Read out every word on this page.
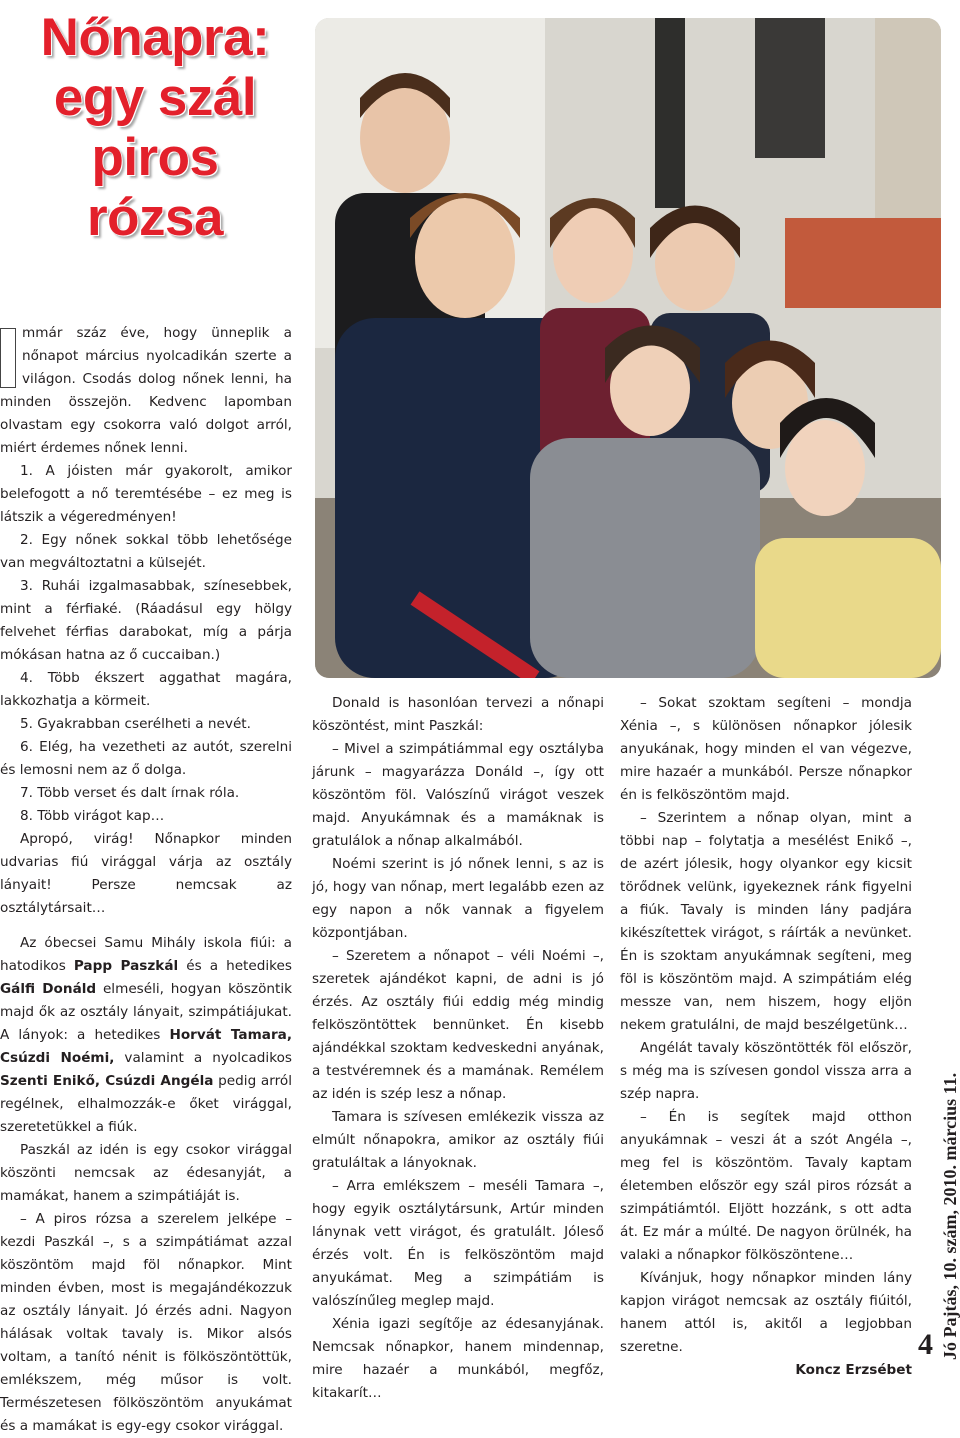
Nőnapra:
egy szál
piros
rózsa

mmár száz éve, hogy ünneplik a nőnapot március nyolcadikán szerte a világon. Csodás dolog nőnek lenni, ha minden összejön. Kedvenc lapomban olvastam egy csokorra való dolgot arról, miért érdemes nőnek lenni.

1. A jóisten már gyakorolt, amikor belefogott a nő teremtésébe – ez meg is látszik a végeredményen!

2. Egy nőnek sokkal több lehetősége van megváltoztatni a külsejét.

3. Ruhái izgalmasabbak, színesebbek, mint a férfiaké. (Ráadásul egy hölgy felvehet férfias darabokat, míg a párja mókásan hatna az ő cuccaiban.)

4. Több ékszert aggathat magára, lakkozhatja a körmeit.

5. Gyakrabban cserélheti a nevét.

6. Elég, ha vezetheti az autót, szerelni és lemosni nem az ő dolga.

7. Több verset és dalt írnak róla.

8. Több virágot kap…

Apropó, virág! Nőnapkor minden udvarias fiú virággal várja az osztály lányait! Persze nemcsak az osztálytársait…

Az óbecsei Samu Mihály iskola fiúi: a hatodikos Papp Paszkál és a hetedikes Gálfi Donáld elmeséli, hogyan köszöntik majd ők az osztály lányait, szimpátiájukat. A lányok: a hetedikes Horvát Tamara, Csúzdi Noémi, valamint a nyolcadikos Szenti Enikő, Csúzdi Angéla pedig arról regélnek, elhalmozzák-e őket virággal, szeretetükkel a fiúk.

Paszkál az idén is egy csokor virággal köszönti nemcsak az édesanyját, a mamákat, hanem a szimpátiáját is.

– A piros rózsa a szerelem jelképe – kezdi Paszkál –, s a szimpátiámat azzal köszöntöm majd föl nőnapkor. Mint minden évben, most is megajándékozzuk az osztály lányait. Jó érzés adni. Nagyon hálásak voltak tavaly is. Mikor alsós voltam, a tanító nénit is fölköszöntöttük, emlékszem, még műsor is volt. Természetesen fölköszöntöm anyukámat és a mamákat is egy-egy csokor virággal.

Donald is hasonlóan tervezi a nőnapi köszöntést, mint Paszkál:

– Mivel a szimpátiámmal egy osztályba járunk – magyarázza Donáld –, így ott köszöntöm föl. Valószínű virágot veszek majd. Anyukámnak és a mamáknak is gratulálok a nőnap alkalmából.

Noémi szerint is jó nőnek lenni, s az is jó, hogy van nőnap, mert legalább ezen az egy napon a nők vannak a figyelem központjában.

– Szeretem a nőnapot – véli Noémi –, szeretek ajándékot kapni, de adni is jó érzés. Az osztály fiúi eddig még mindig felköszöntöttek bennünket. Én kisebb ajándékkal szoktam kedveskedni anyának, a testvéremnek és a mamának. Remélem az idén is szép lesz a nőnap.

Tamara is szívesen emlékezik vissza az elmúlt nőnapokra, amikor az osztály fiúi gratuláltak a lányoknak.

– Arra emlékszem – meséli Tamara –, hogy egyik osztálytársunk, Artúr minden lánynak vett virágot, és gratulált. Jóleső érzés volt. Én is felköszöntöm majd anyukámat. Meg a szimpátiám is valószínűleg meglep majd.

Xénia igazi segítője az édesanyjának. Nemcsak nőnapkor, hanem mindennap, mire hazaér a munkából, megfőz, kitakarít…

– Sokat szoktam segíteni – mondja Xénia –, s különösen nőnapkor jólesik anyukának, hogy minden el van végezve, mire hazaér a munkából. Persze nőnapkor én is felköszöntöm majd.

– Szerintem a nőnap olyan, mint a többi nap – folytatja a mesélést Enikő –, de azért jólesik, hogy olyankor egy kicsit törődnek velünk, igyekeznek ránk figyelni a fiúk. Tavaly is minden lány padjára kikészítettek virágot, s ráírták a nevünket. Én is szoktam anyukámnak segíteni, meg föl is köszöntöm majd. A szimpátiám elég messze van, nem hiszem, hogy eljön nekem gratulálni, de majd beszélgetünk…

Angélát tavaly köszöntötték föl először, s még ma is szívesen gondol vissza arra a szép napra.

– Én is segítek majd otthon anyukámnak – veszi át a szót Angéla –, meg fel is köszöntöm. Tavaly kaptam életemben először egy szál piros rózsát a szimpátiámtól. Eljött hozzánk, s ott adta át. Ez már a múlté. De nagyon örülnék, ha valaki a nőnapkor fölköszöntene…

Kívánjuk, hogy nőnapkor minden lány kapjon virágot nemcsak az osztály fiúitól, hanem attól is, akitől a legjobban szeretne.

Koncz Erzsébet

Jó Pajtás, 10. szám, 2010. március 11.
4
